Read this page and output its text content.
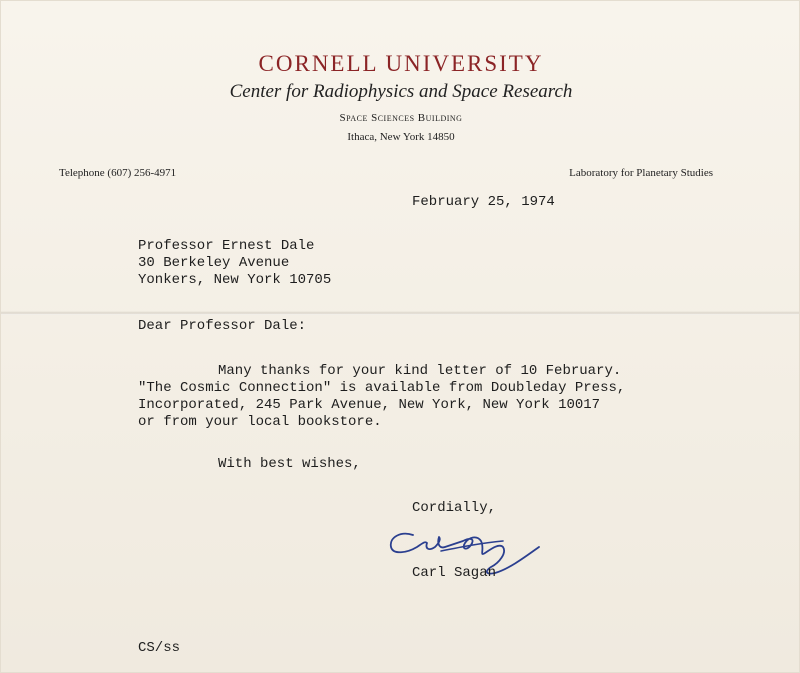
CORNELL UNIVERSITY
Center for Radiophysics and Space Research
Space Sciences Building
Ithaca, New York 14850
Telephone (607) 256-4971	Laboratory for Planetary Studies
February 25, 1974
Professor Ernest Dale
30 Berkeley Avenue
Yonkers, New York 10705
Dear Professor Dale:
Many thanks for your kind letter of 10 February.
"The Cosmic Connection" is available from Doubleday Press,
Incorporated, 245 Park Avenue, New York, New York 10017
or from your local bookstore.
With best wishes,
Cordially,
Carl Sagan
CS/ss
